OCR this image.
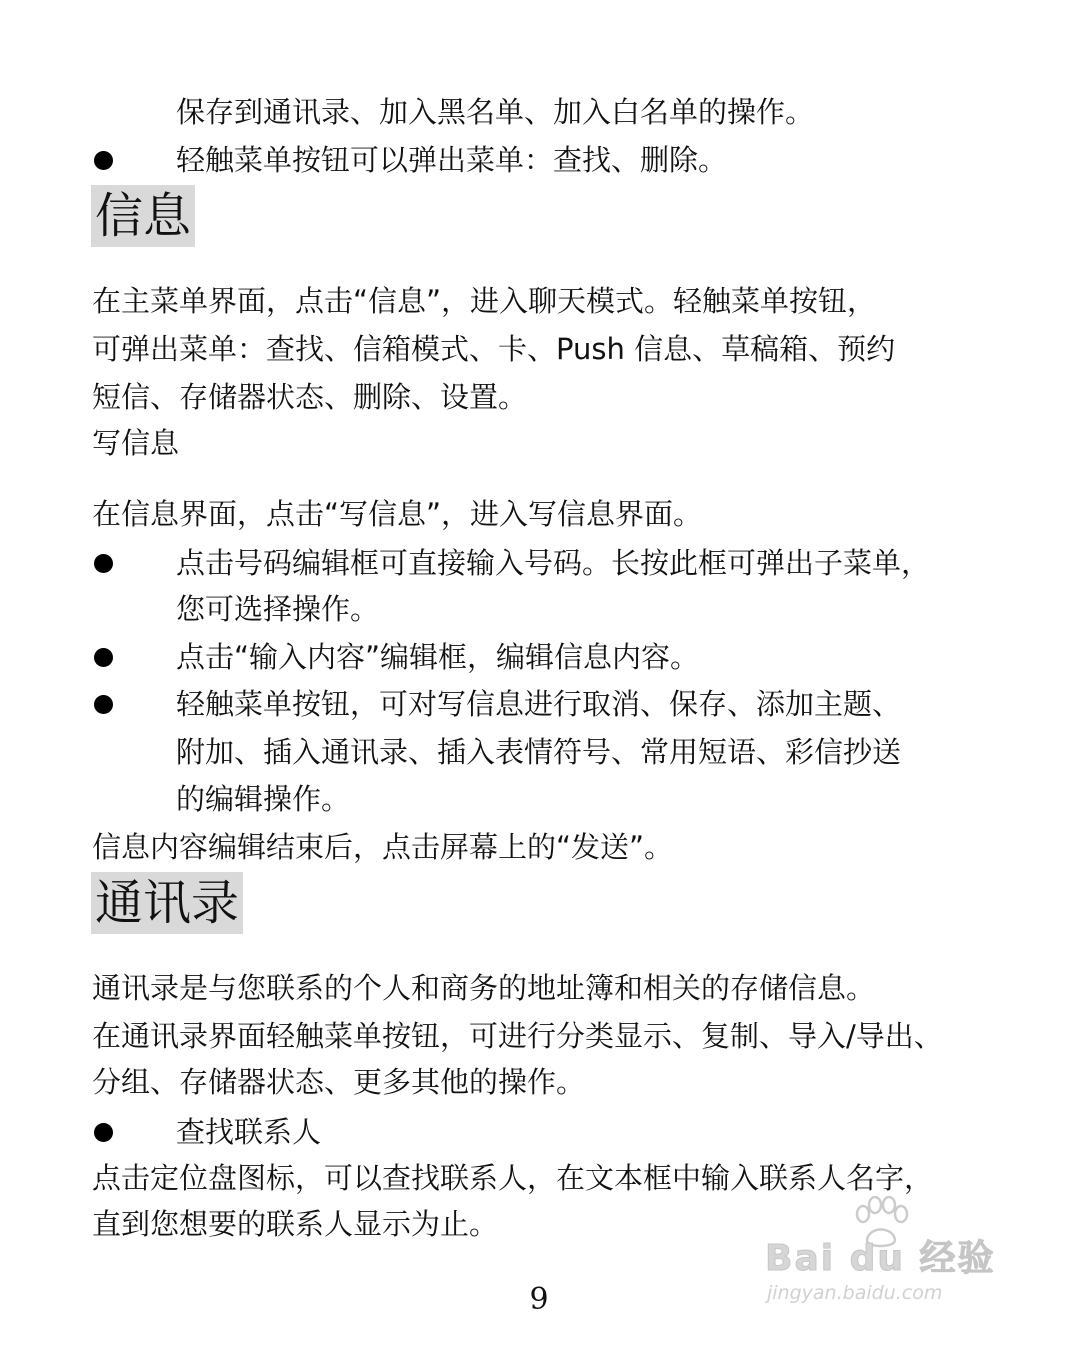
保存到通讯录、加入黑名单、加入白名单的操作。
轻触菜单按钮可以弹出菜单：查找、删除。
信息
在主菜单界面，点击“信息”，进入聊天模式。轻触菜单按钮，
可弹出菜单：查找、信箱模式、卡、Push 信息、草稿箱、预约
短信、存储器状态、删除、设置。
写信息
在信息界面，点击“写信息”，进入写信息界面。
点击号码编辑框可直接输入号码。长按此框可弹出子菜单，
您可选择操作。
点击“输入内容”编辑框，编辑信息内容。
轻触菜单按钮，可对写信息进行取消、保存、添加主题、
附加、插入通讯录、插入表情符号、常用短语、彩信抄送
的编辑操作。
信息内容编辑结束后，点击屏幕上的“发送”。
通讯录
通讯录是与您联系的个人和商务的地址簿和相关的存储信息。
在通讯录界面轻触菜单按钮，可进行分类显示、复制、导入/导出、
分组、存储器状态、更多其他的操作。
查找联系人
点击定位盘图标，可以查找联系人，在文本框中输入联系人名字，
直到您想要的联系人显示为止。
9
Bai du 经验
jingyan.baidu.com
